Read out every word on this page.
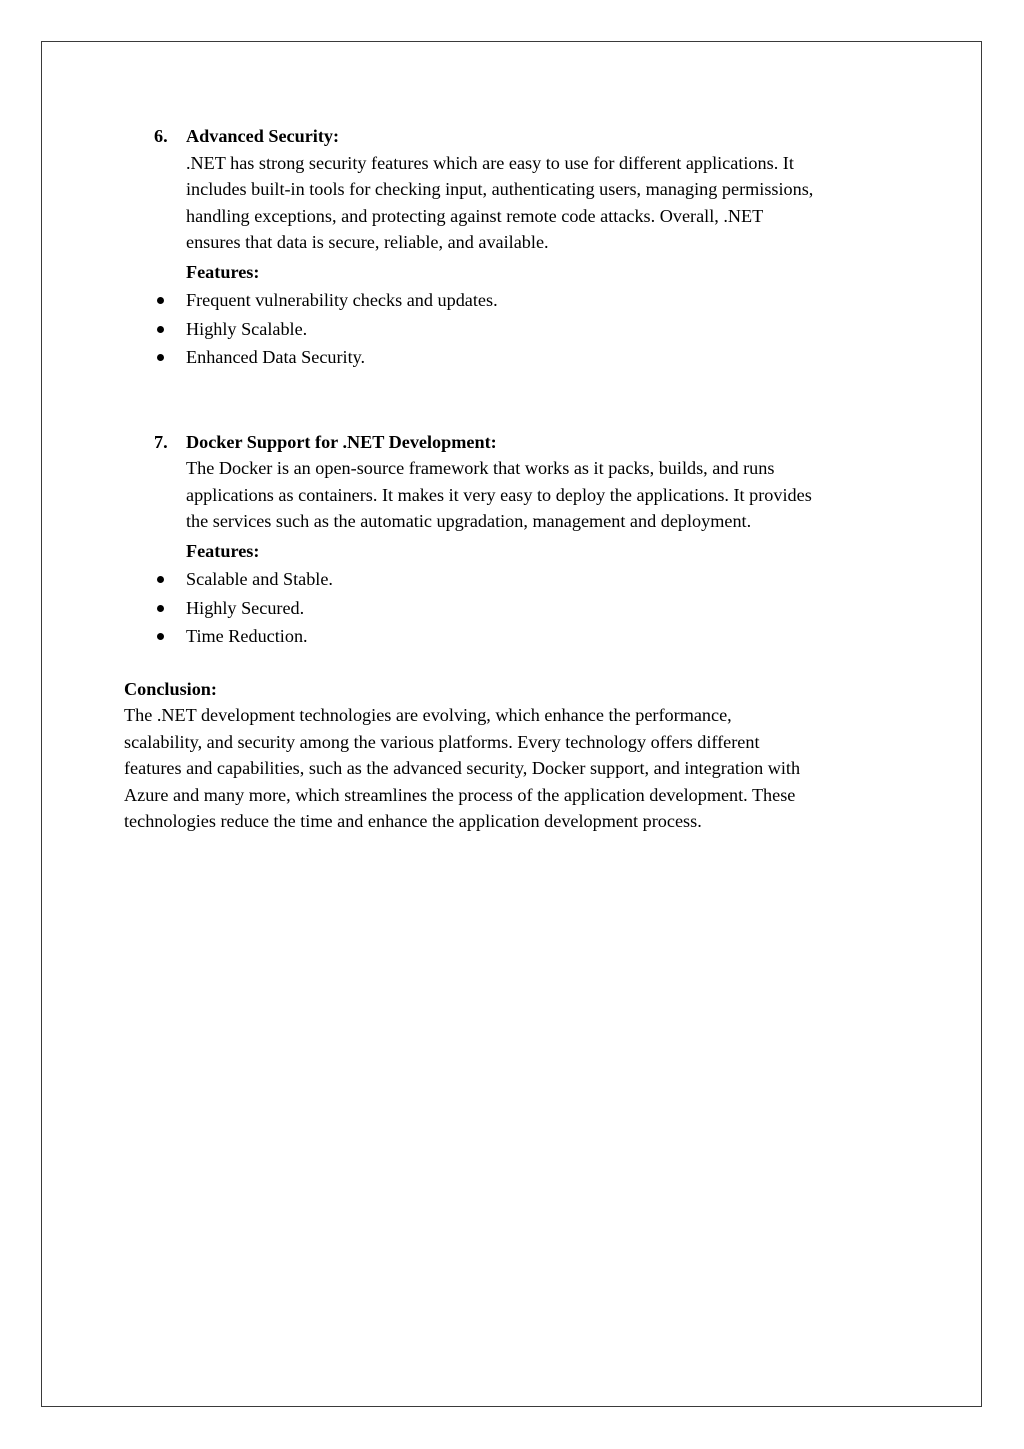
6. Advanced Security:
.NET has strong security features which are easy to use for different applications. It
includes built-in tools for checking input, authenticating users, managing permissions,
handling exceptions, and protecting against remote code attacks. Overall, .NET
ensures that data is secure, reliable, and available.
Features:
Frequent vulnerability checks and updates.
Highly Scalable.
Enhanced Data Security.
7. Docker Support for .NET Development:
The Docker is an open-source framework that works as it packs, builds, and runs
applications as containers. It makes it very easy to deploy the applications. It provides
the services such as the automatic upgradation, management and deployment.
Features:
Scalable and Stable.
Highly Secured.
Time Reduction.
Conclusion:
The .NET development technologies are evolving, which enhance the performance,
scalability, and security among the various platforms. Every technology offers different
features and capabilities, such as the advanced security, Docker support, and integration with
Azure and many more, which streamlines the process of the application development. These
technologies reduce the time and enhance the application development process.
